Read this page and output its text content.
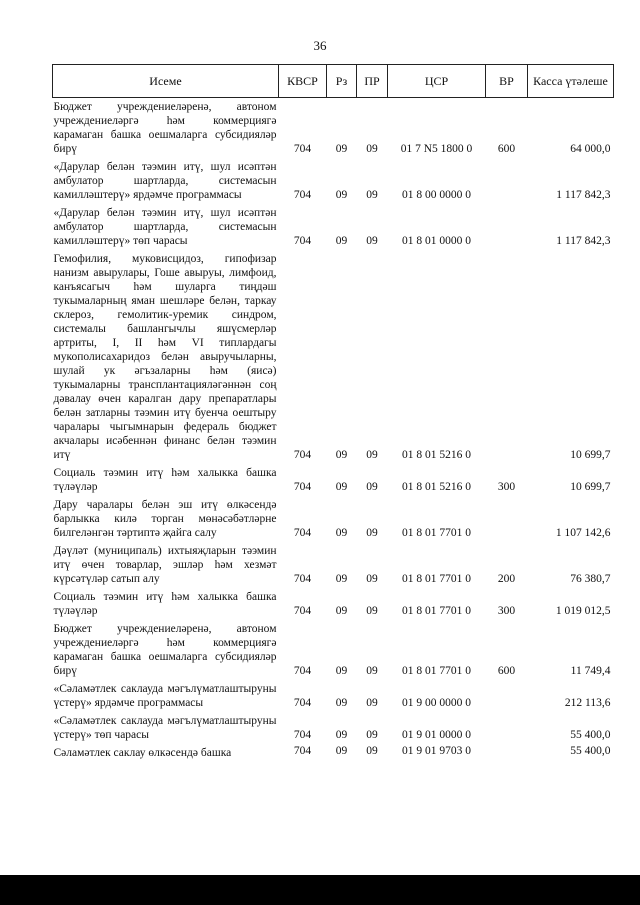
36
Исеме	КВСР	Рз	ПР	ЦСР	ВР	Касса үтәлеше
Бюджет учреждениеләренә, автоном учреждениеләргә һәм коммерциягә карамаган башка оешмаларга субсидияләр бирү	704	09	09	01 7 N5 1800 0	600	64 000,0
«Дарулар белән тәэмин итү, шул исәптән амбулатор шартларда, системасын камилләштерү» ярдәмче программасы	704	09	09	01 8 00 0000 0		1 117 842,3
«Дарулар белән тәэмин итү, шул исәптән амбулатор шартларда, системасын камилләштерү» төп чарасы	704	09	09	01 8 01 0000 0		1 117 842,3
Гемофилия, муковисцидоз, гипофизар нанизм авырулары, Гоше авыруы, лимфоид, канъясагыч һәм шуларга тиңдәш тукымаларның яман шешләре белән, таркау склероз, гемолитик-уремик синдром, системалы башлангычлы яшүсмерләр артриты, I, II һәм VI типлардагы мукополисахаридоз белән авыручыларны, шулай ук әгъзаларны һәм (яисә) тукымаларны трансплантацияләгәннән соң дәвалау өчен каралган дару препаратлары белән затларны тәэмин итү буенча оештыру чаралары чыгымнарын федераль бюджет акчалары исәбеннән финанс белән тәэмин итү	704	09	09	01 8 01 5216 0		10 699,7
Социаль тәэмин итү һәм халыкка башка түләүләр	704	09	09	01 8 01 5216 0	300	10 699,7
Дару чаралары белән эш итү өлкәсендә барлыкка килә торган мөнәсәбәтләрне билгеләнгән тәртиптә җайга салу	704	09	09	01 8 01 7701 0		1 107 142,6
Дәүләт (муниципаль) ихтыяҗларын тәэмин итү өчен товарлар, эшләр һәм хезмәт күрсәтүләр сатып алу	704	09	09	01 8 01 7701 0	200	76 380,7
Социаль тәэмин итү һәм халыкка башка түләүләр	704	09	09	01 8 01 7701 0	300	1 019 012,5
Бюджет учреждениеләренә, автоном учреждениеләргә һәм коммерциягә карамаган башка оешмаларга субсидияләр бирү	704	09	09	01 8 01 7701 0	600	11 749,4
«Сәламәтлек саклауда мәгълүматлаштыруны үстерү» ярдәмче программасы	704	09	09	01 9 00 0000 0		212 113,6
«Сәламәтлек саклауда мәгълүматлаштыруны үстерү» төп чарасы	704	09	09	01 9 01 0000 0		55 400,0
Сәламәтлек саклау өлкәсендә башка	704	09	09	01 9 01 9703 0		55 400,0
